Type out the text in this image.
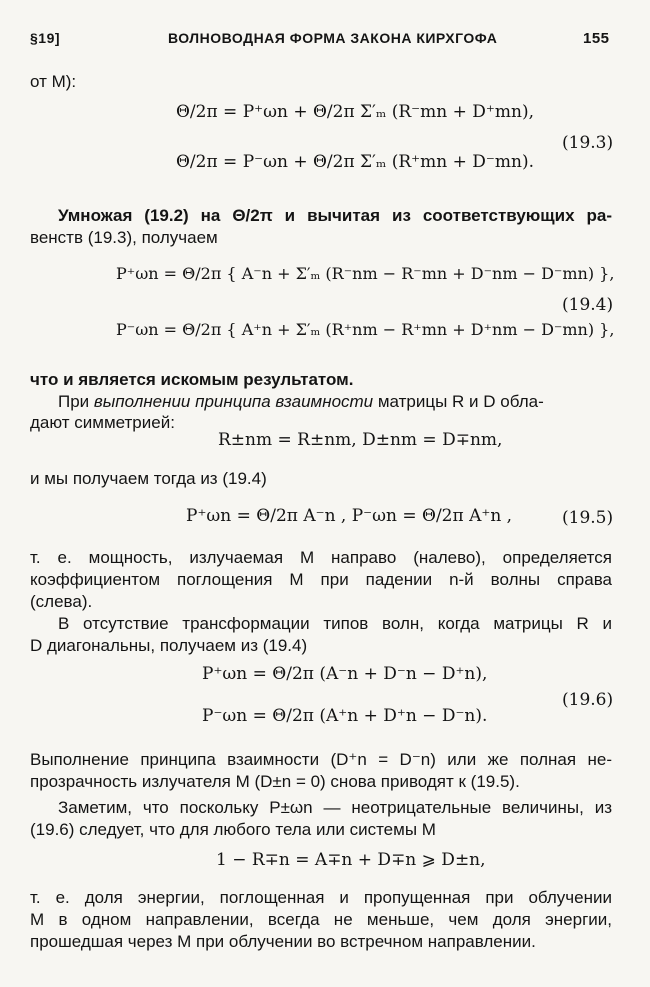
§19]	ВОЛНОВОДНАЯ ФОРМА ЗАКОНА КИРХГОФА	155
от M):
Θ/2π = P⁺ωn + Θ/2π Σ′ₘ (R⁻mn + D⁺mn),
Θ/2π = P⁻ωn + Θ/2π Σ′ₘ (R⁺mn + D⁻mn).
(19.3)
Умножая (19.2) на Θ/2π и вычитая из соответствующих ра-
венств (19.3), получаем
P⁺ωn = Θ/2π { A⁻n + Σ′ₘ (R⁻nm − R⁻mn + D⁻nm − D⁻mn) },
P⁻ωn = Θ/2π { A⁺n + Σ′ₘ (R⁺nm − R⁺mn + D⁺nm − D⁻mn) },
(19.4)
что и является искомым результатом.
При выполнении принципа взаимности матрицы R и D обла-
дают симметрией:
R±nm = R±nm, D±nm = D∓nm,
и мы получаем тогда из (19.4)
P⁺ωn = Θ/2π A⁻n , P⁻ωn = Θ/2π A⁺n ,	(19.5)
т. е. мощность, излучаемая M направо (налево), определяется
коэффициентом поглощения M при падении n-й волны справа
(слева).
В отсутствие трансформации типов волн, когда матрицы R и
D диагональны, получаем из (19.4)
P⁺ωn = Θ/2π (A⁻n + D⁻n − D⁺n),
P⁻ωn = Θ/2π (A⁺n + D⁺n − D⁻n).
(19.6)
Выполнение принципа взаимности (D⁺n = D⁻n) или же полная не-
прозрачность излучателя M (D±n = 0) снова приводят к (19.5).
Заметим, что поскольку P±ωn — неотрицательные величины, из
(19.6) следует, что для любого тела или системы M
1 − R∓n = A∓n + D∓n ⩾ D±n,
т. е. доля энергии, поглощенная и пропущенная при облучении
M в одном направлении, всегда не меньше, чем доля энергии,
прошедшая через M при облучении во встречном направлении.
